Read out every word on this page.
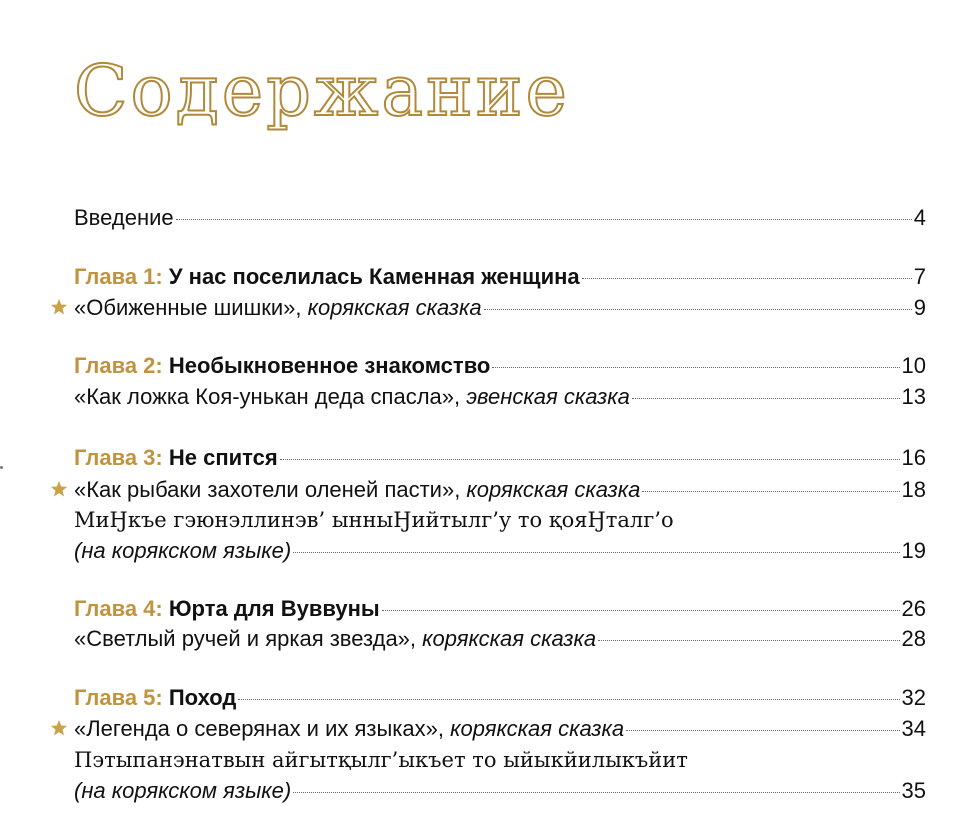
Содержание
Введение	4
Глава 1: У нас поселилась Каменная женщина	7
«Обиженные шишки», корякская сказка	9
Глава 2: Необыкновенное знакомство	10
«Как ложка Коя-унькан деда спасла», эвенская сказка	13
Глава 3: Не спится	16
«Как рыбаки захотели оленей пасти», корякская сказка	18
МиӇкъе гэюнэллинэв’ ынныӇийтылг’у то қояӇталг’о
(на корякском языке)	19
Глава 4: Юрта для Вуввуны	26
«Светлый ручей и яркая звезда», корякская сказка	28
Глава 5: Поход	32
«Легенда о северянах и их языках», корякская сказка	34
Пэтыпанэнатвын айгытқылг’ыкъет то ыйыкйилыкъйит
(на корякском языке)	35
